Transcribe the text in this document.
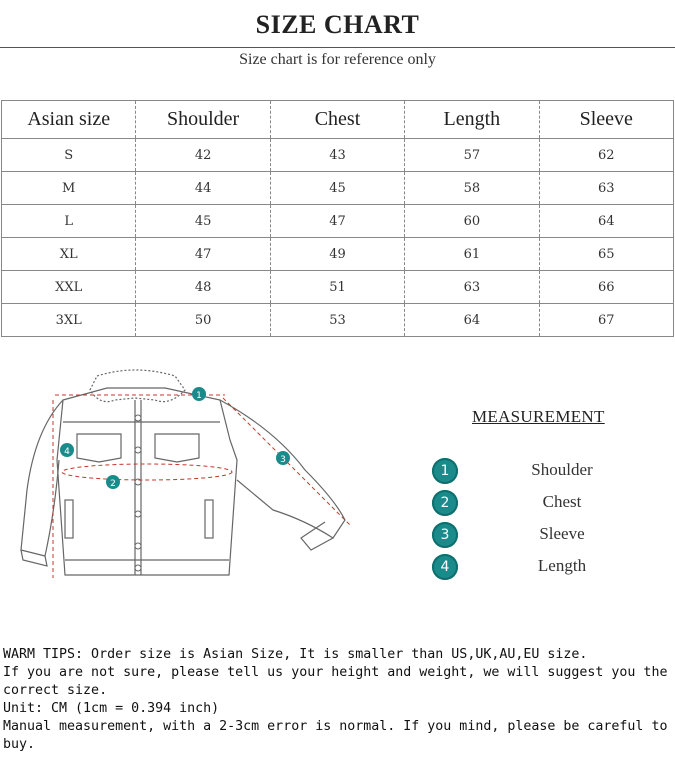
SIZE CHART
Size chart is for reference only
Asian size	Shoulder	Chest	Length	Sleeve
S	42	43	57	62
M	44	45	58	63
L	45	47	60	64
XL	47	49	61	65
XXL	48	51	63	66
3XL	50	53	64	67
1
2
3
4
MEASUREMENT
1	Shoulder
2	Chest
3	Sleeve
4	Length
WARM TIPS: Order size is Asian Size, It is smaller than US,UK,AU,EU size.
If you are not sure, please tell us your height and weight, we will suggest you the correct size.
Unit: CM (1cm = 0.394 inch)
Manual measurement, with a 2-3cm error is normal. If you mind, please be careful to buy.
